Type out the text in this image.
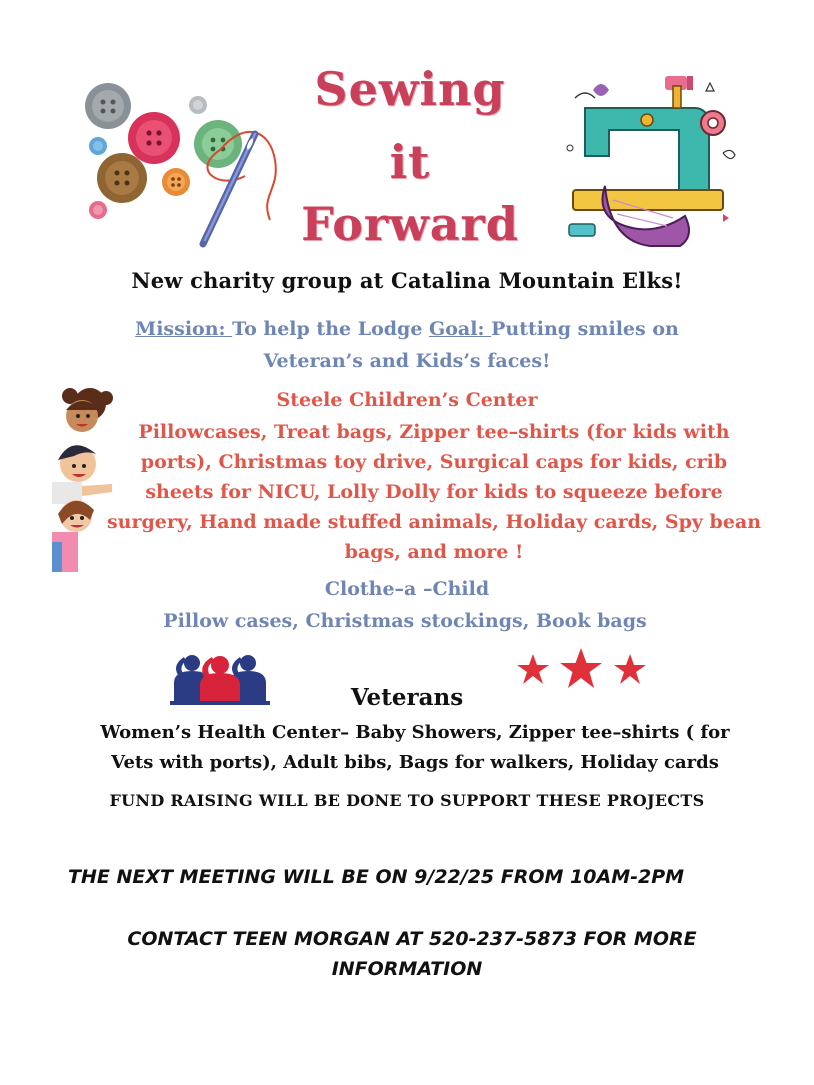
Sewing
it
Forward
New charity group at Catalina Mountain Elks!
Mission: To help the Lodge Goal: Putting smiles on
Veteran’s and Kids’s faces!
Steele Children’s Center
Pillowcases, Treat bags, Zipper tee–shirts (for kids with ports), Christmas toy drive, Surgical caps for kids, crib sheets for NICU, Lolly Dolly for kids to squeeze before surgery, Hand made stuffed animals, Holiday cards, Spy bean bags, and more !
Clothe–a –Child
Pillow cases, Christmas stockings, Book bags
Veterans
Women’s Health Center– Baby Showers, Zipper tee–shirts ( for
Vets with ports), Adult bibs, Bags for walkers, Holiday cards
FUND RAISING WILL BE DONE TO SUPPORT THESE PROJECTS
THE NEXT MEETING WILL BE ON 9/22/25 FROM 10AM-2PM
CONTACT TEEN MORGAN AT 520-237-5873 FOR MORE
INFORMATION
